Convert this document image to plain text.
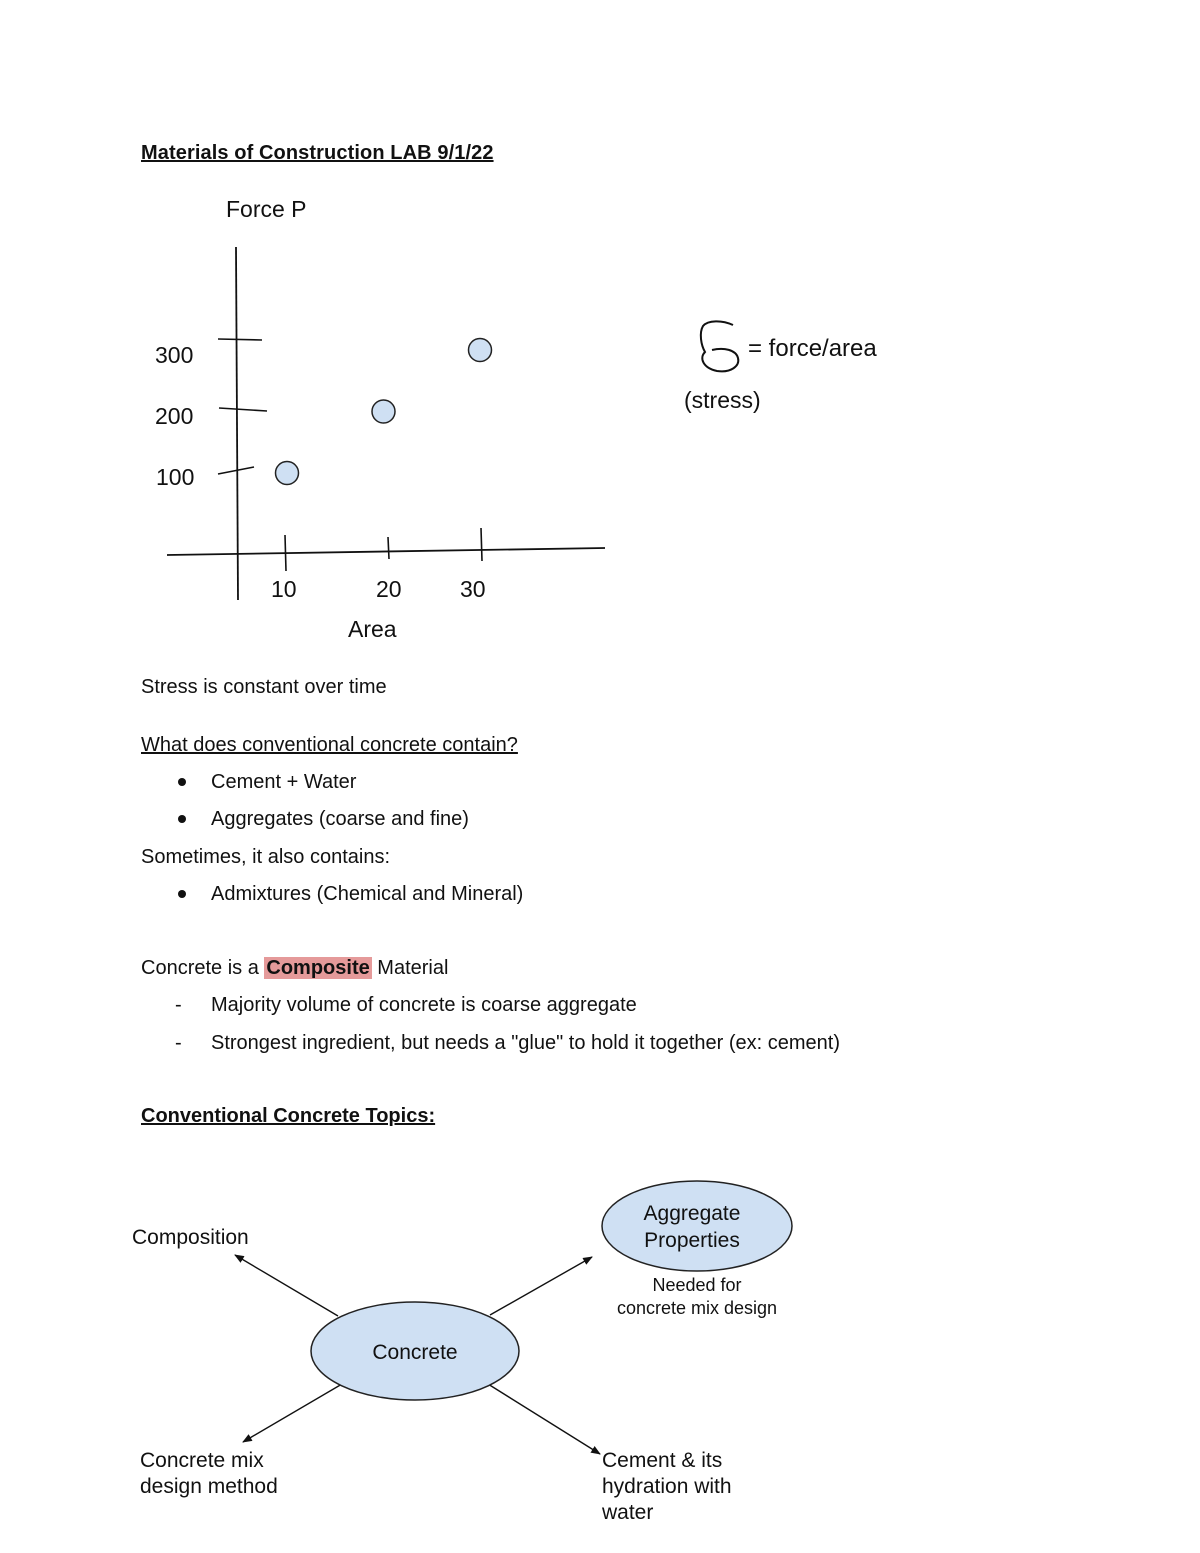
Materials of Construction LAB 9/1/22
Force P
300
200
100
10	20	30
Area
= force/area
(stress)
Stress is constant over time
What does conventional concrete contain?
Cement + Water
Aggregates (coarse and fine)
Sometimes, it also contains:
Admixtures (Chemical and Mineral)
Concrete is a Composite Material
- Majority volume of concrete is coarse aggregate
- Strongest ingredient, but needs a "glue" to hold it together (ex: cement)
Conventional Concrete Topics:
Concrete
Aggregate
Properties
Needed for
concrete mix design
Composition
Concrete mix
design method
Cement & its
hydration with
water
